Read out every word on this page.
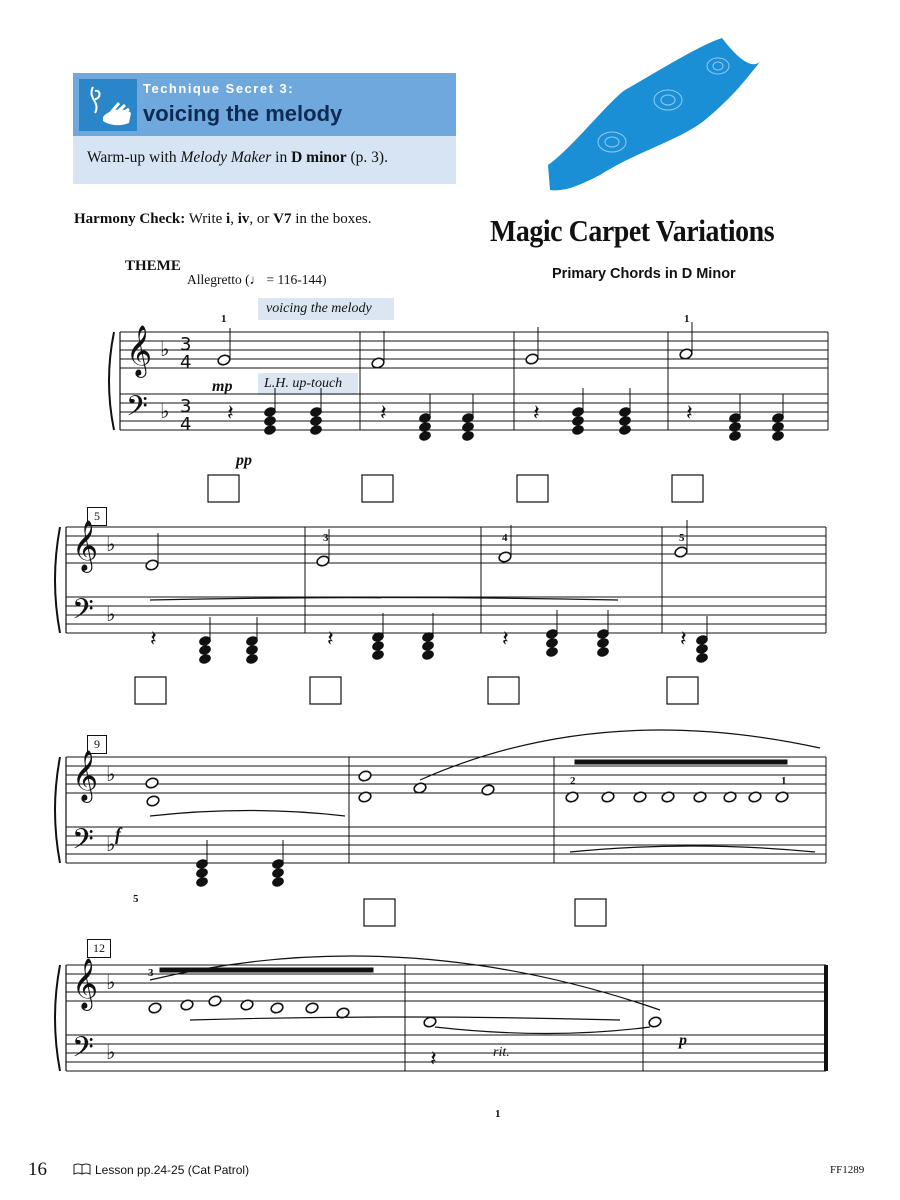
Technique Secret 3:
voicing the melody
Warm-up with Melody Maker in D minor (p. 3).
Harmony Check: Write i, iv, or V7 in the boxes.	Magic Carpet Variations
Primary Chords in D Minor
THEME
Allegretto (♩ = 116-144)
voicing the melody
L.H. up-touch
mp
pp
f
p
rit.
5
9
12
1	1
3	4	5
2	1
3
5
1
16	Lesson pp.24-25 (Cat Patrol)	FF1289
𝄞 ♭
𝄢 ♭
𝄞 ♭
𝄢 ♭
𝄞 ♭
𝄢 ♭
𝄞 ♭
𝄢 ♭
3
4
3
4 𝄽	𝄽	𝄽	𝄽
𝄽	𝄽	𝄽	𝄽
𝄽
